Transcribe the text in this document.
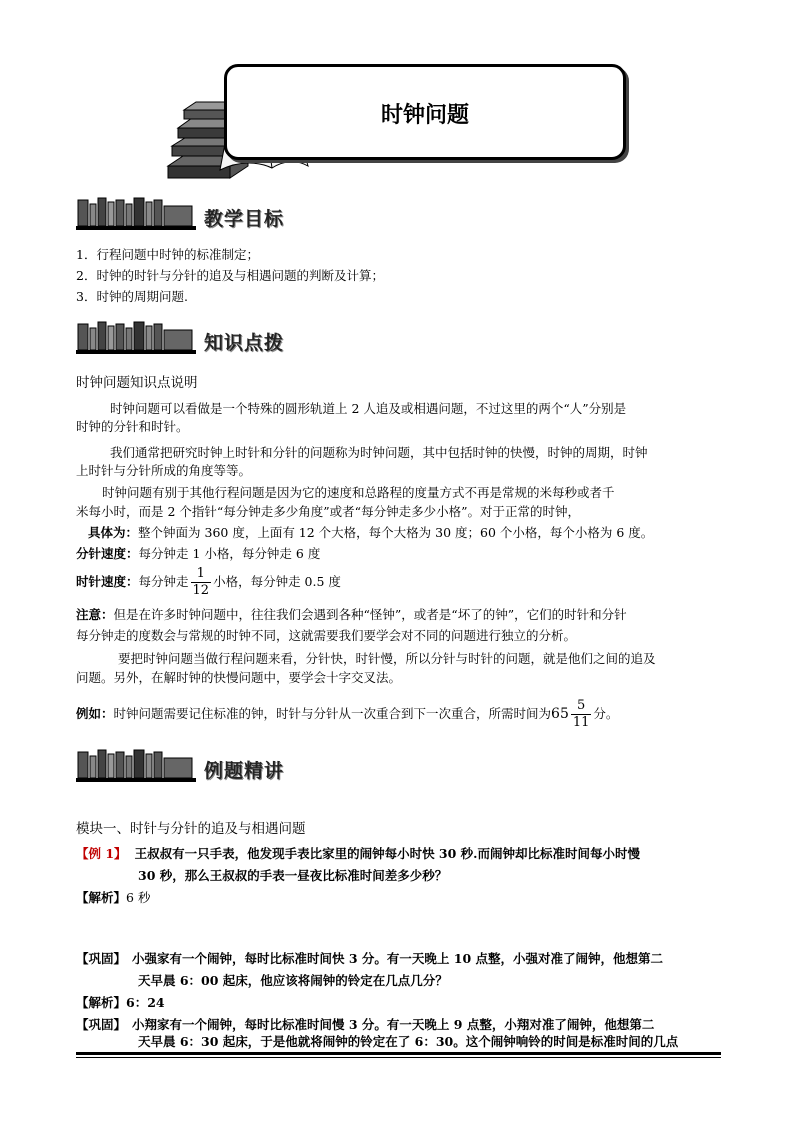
时钟问题
教学目标
1．行程问题中时钟的标准制定；
2．时钟的时针与分针的追及与相遇问题的判断及计算；
3．时钟的周期问题.
知识点拨
时钟问题知识点说明
时钟问题可以看做是一个特殊的圆形轨道上 2 人追及或相遇问题，不过这里的两个“人”分别是
时钟的分针和时针。
我们通常把研究时钟上时针和分针的问题称为时钟问题，其中包括时钟的快慢，时钟的周期，时钟
上时针与分针所成的角度等等。
时钟问题有别于其他行程问题是因为它的速度和总路程的度量方式不再是常规的米每秒或者千
米每小时，而是 2 个指针“每分钟走多少角度”或者“每分钟走多少小格”。对于正常的时钟，
具体为：整个钟面为 360 度，上面有 12 个大格，每个大格为 30 度；60 个小格，每个小格为 6 度。
分针速度：每分钟走 1 小格，每分钟走 6 度
时针速度：每分钟走 $\frac{1}{12}$ 小格，每分钟走 0.5 度
注意：但是在许多时钟问题中，往往我们会遇到各种“怪钟”，或者是“坏了的钟”，它们的时针和分针
每分钟走的度数会与常规的时钟不同，这就需要我们要学会对不同的问题进行独立的分析。
要把时钟问题当做行程问题来看，分针快，时针慢，所以分针与时针的问题，就是他们之间的追及
问题。另外，在解时钟的快慢问题中，要学会十字交叉法。
例如：时钟问题需要记住标准的钟，时针与分针从一次重合到下一次重合，所需时间为$65 \frac{5}{11}$ 分。
例题精讲
模块一、时针与分针的追及与相遇问题
【例 1】 王叔叔有一只手表，他发现手表比家里的闹钟每小时快 30 秒.而闹钟却比标准时间每小时慢
30 秒，那么王叔叔的手表一昼夜比标准时间差多少秒？
【解析】6 秒
【巩固】 小强家有一个闹钟，每时比标准时间快 3 分。有一天晚上 10 点整，小强对准了闹钟，他想第二
天早晨 6：00 起床，他应该将闹钟的铃定在几点几分？
【解析】6：24
【巩固】 小翔家有一个闹钟，每时比标准时间慢 3 分。有一天晚上 9 点整，小翔对准了闹钟，他想第二
天早晨 6：30 起床，于是他就将闹钟的铃定在了 6：30。这个闹钟响铃的时间是标准时间的几点
